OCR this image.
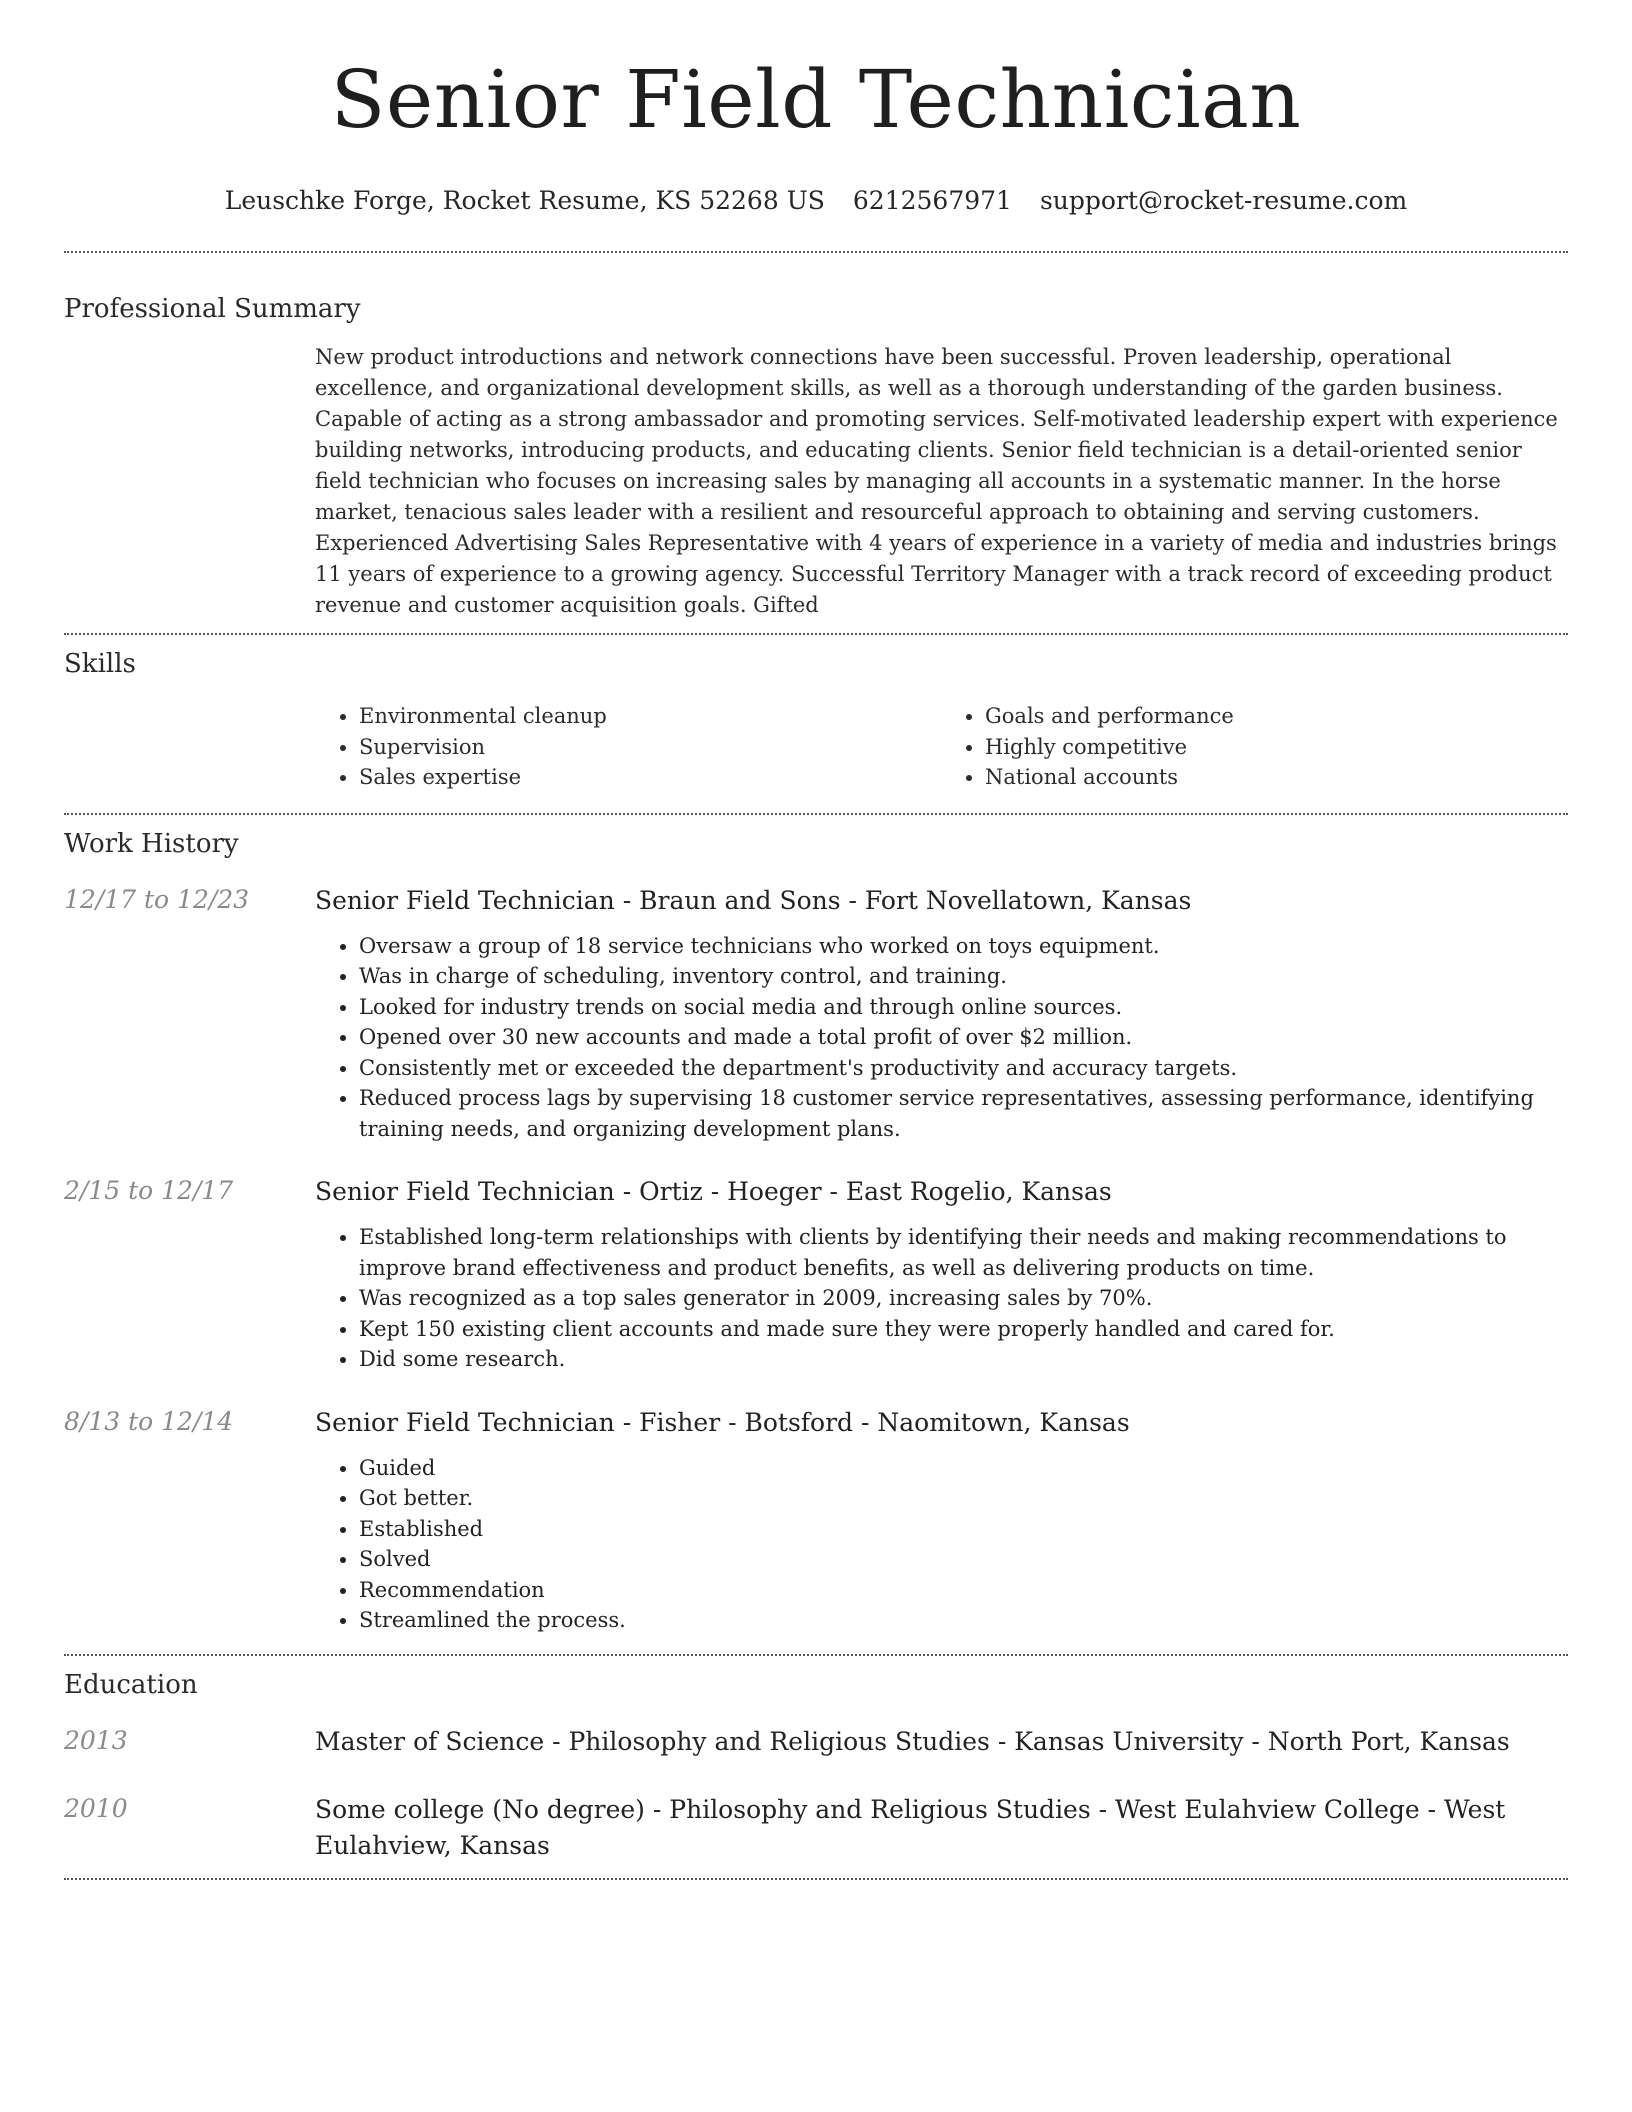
Senior Field Technician
Leuschke Forge, Rocket Resume, KS 52268 US 6212567971 support@rocket-resume.com
Professional Summary

New product introductions and network connections have been successful. Proven leadership, operational excellence, and organizational development skills, as well as a thorough understanding of the garden business. Capable of acting as a strong ambassador and promoting services. Self-motivated leadership expert with experience building networks, introducing products, and educating clients. Senior field technician is a detail-oriented senior field technician who focuses on increasing sales by managing all accounts in a systematic manner. In the horse market, tenacious sales leader with a resilient and resourceful approach to obtaining and serving customers. Experienced Advertising Sales Representative with 4 years of experience in a variety of media and industries brings 11 years of experience to a growing agency. Successful Territory Manager with a track record of exceeding product revenue and customer acquisition goals. Gifted

Skills
• Environmental cleanup
• Supervision
• Sales expertise
• Goals and performance
• Highly competitive
• National accounts
Work History
12/17 to 12/23	Senior Field Technician - Braun and Sons - Fort Novellatown, Kansas
• Oversaw a group of 18 service technicians who worked on toys equipment.
• Was in charge of scheduling, inventory control, and training.
• Looked for industry trends on social media and through online sources.
• Opened over 30 new accounts and made a total profit of over $2 million.
• Consistently met or exceeded the department's productivity and accuracy targets.
• Reduced process lags by supervising 18 customer service representatives, assessing performance, identifying training needs, and organizing development plans.
2/15 to 12/17	Senior Field Technician - Ortiz - Hoeger - East Rogelio, Kansas
• Established long-term relationships with clients by identifying their needs and making recommendations to improve brand effectiveness and product benefits, as well as delivering products on time.
• Was recognized as a top sales generator in 2009, increasing sales by 70%.
• Kept 150 existing client accounts and made sure they were properly handled and cared for.
• Did some research.
8/13 to 12/14	Senior Field Technician - Fisher - Botsford - Naomitown, Kansas
• Guided
• Got better.
• Established
• Solved
• Recommendation
• Streamlined the process.
Education
2013	Master of Science - Philosophy and Religious Studies - Kansas University - North Port, Kansas
2010	Some college (No degree) - Philosophy and Religious Studies - West Eulahview College - West Eulahview, Kansas
